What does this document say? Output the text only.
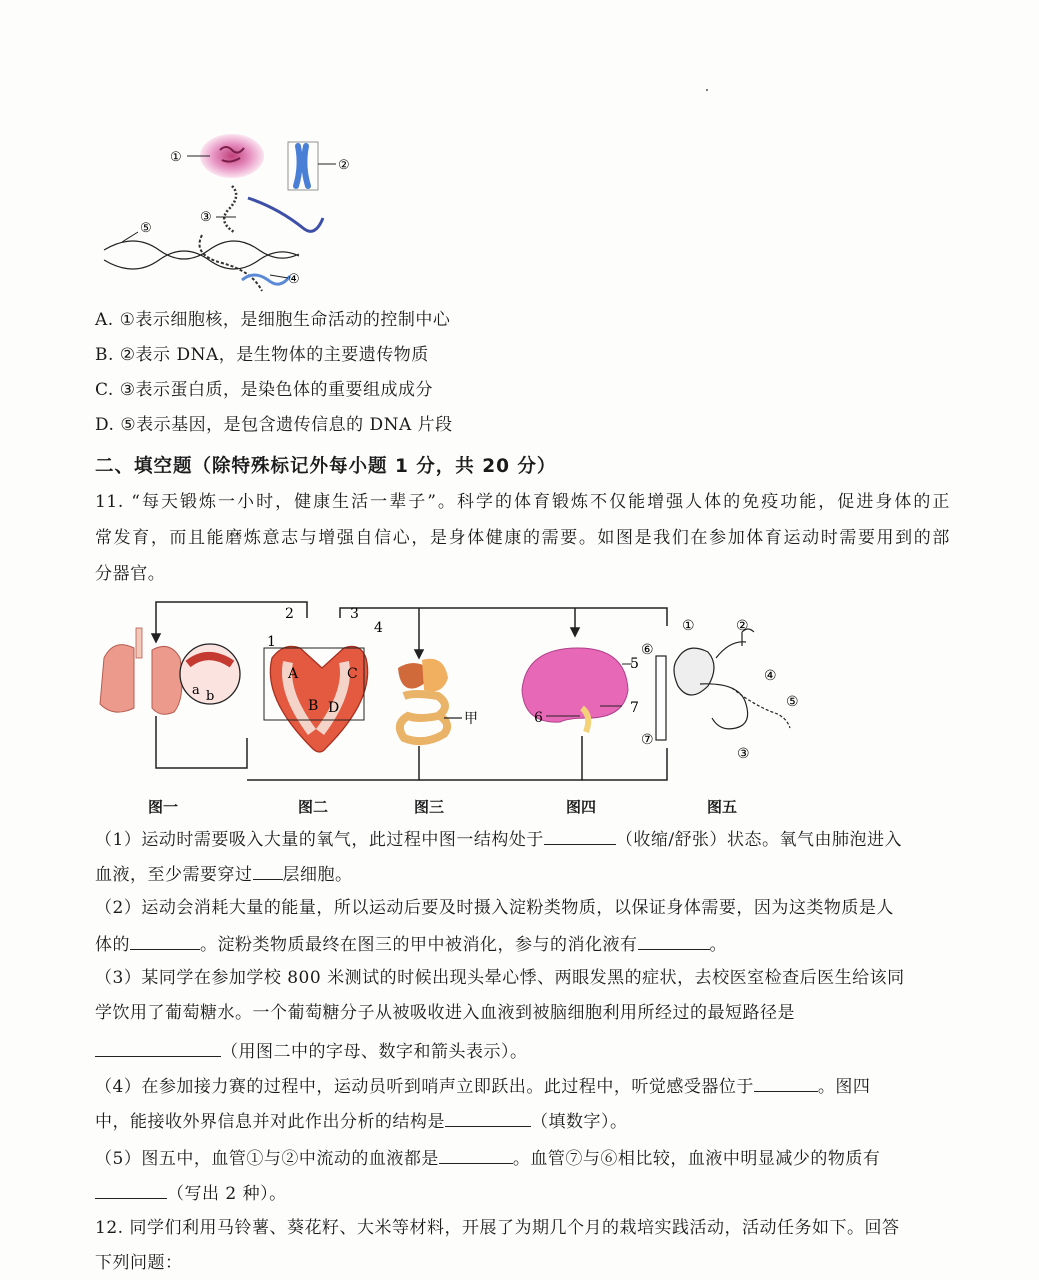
①
②
③
④
⑤
A. ①表示细胞核，是细胞生命活动的控制中心
B. ②表示 DNA，是生物体的主要遗传物质
C. ③表示蛋白质，是染色体的重要组成成分
D. ⑤表示基因，是包含遗传信息的 DNA 片段
二、填空题（除特殊标记外每小题 1 分，共 20 分）
11. “每天锻炼一小时，健康生活一辈子”。科学的体育锻炼不仅能增强人体的免疫功能，促进身体的正
常发育，而且能磨炼意志与增强自信心，是身体健康的需要。如图是我们在参加体育运动时需要用到的部
分器官。
a b
1
2	3
4
A
B
C
D
甲
5
6
7
①	②
③
④
⑤
⑥
⑦
图一	图二	图三	图四	图五
（1）运动时需要吸入大量的氧气，此过程中图一结构处于	（收缩/舒张）状态。氧气由肺泡进入
血液，至少需要穿过 层细胞。
（2）运动会消耗大量的能量，所以运动后要及时摄入淀粉类物质，以保证身体需要，因为这类物质是人
体的	。淀粉类物质最终在图三的甲中被消化，参与的消化液有	。
（3）某同学在参加学校 800 米测试的时候出现头晕心悸、两眼发黑的症状，去校医室检查后医生给该同
学饮用了葡萄糖水。一个葡萄糖分子从被吸收进入血液到被脑细胞利用所经过的最短路径是
（用图二中的字母、数字和箭头表示）。
（4）在参加接力赛的过程中，运动员听到哨声立即跃出。此过程中，听觉感受器位于	。图四
中，能接收外界信息并对此作出分析的结构是	（填数字）。
（5）图五中，血管①与②中流动的血液都是	。血管⑦与⑥相比较，血液中明显减少的物质有
（写出 2 种）。
12. 同学们利用马铃薯、葵花籽、大米等材料，开展了为期几个月的栽培实践活动，活动任务如下。回答
下列问题：
